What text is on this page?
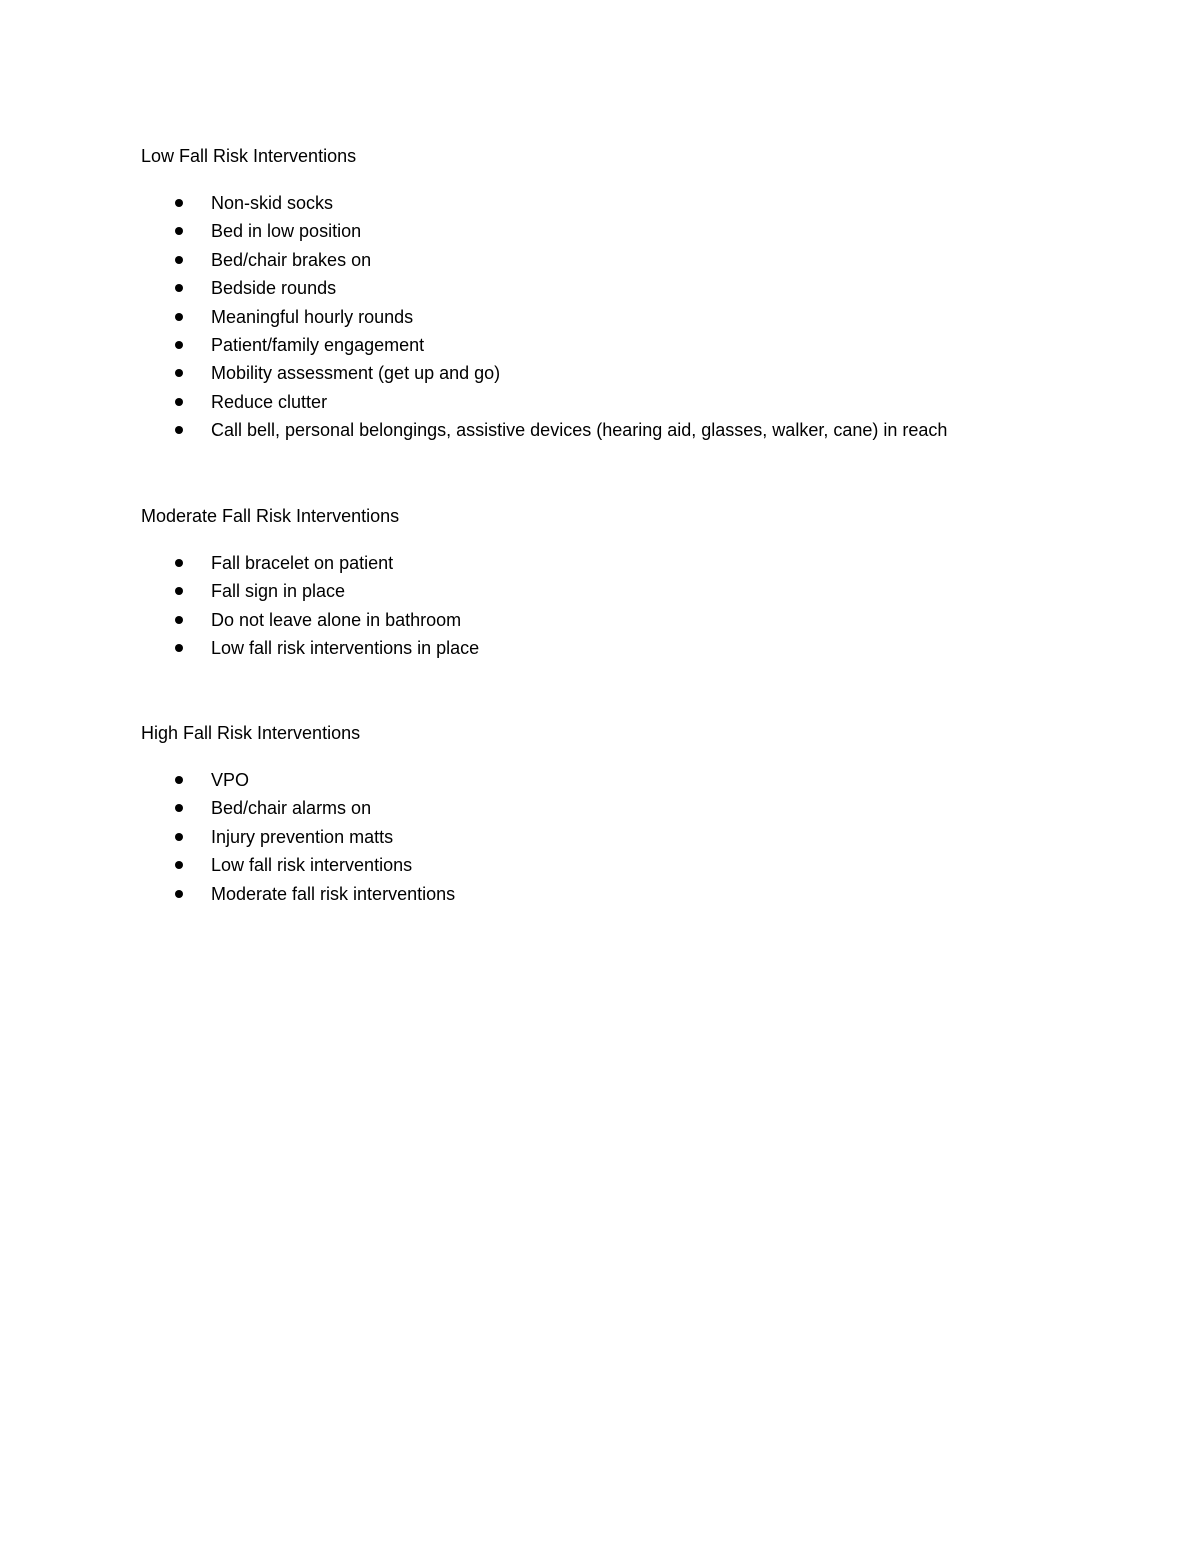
Low Fall Risk Interventions
Non-skid socks
Bed in low position
Bed/chair brakes on
Bedside rounds
Meaningful hourly rounds
Patient/family engagement
Mobility assessment (get up and go)
Reduce clutter
Call bell, personal belongings, assistive devices (hearing aid, glasses, walker, cane) in reach
Moderate Fall Risk Interventions
Fall bracelet on patient
Fall sign in place
Do not leave alone in bathroom
Low fall risk interventions in place
High Fall Risk Interventions
VPO
Bed/chair alarms on
Injury prevention matts
Low fall risk interventions
Moderate fall risk interventions
